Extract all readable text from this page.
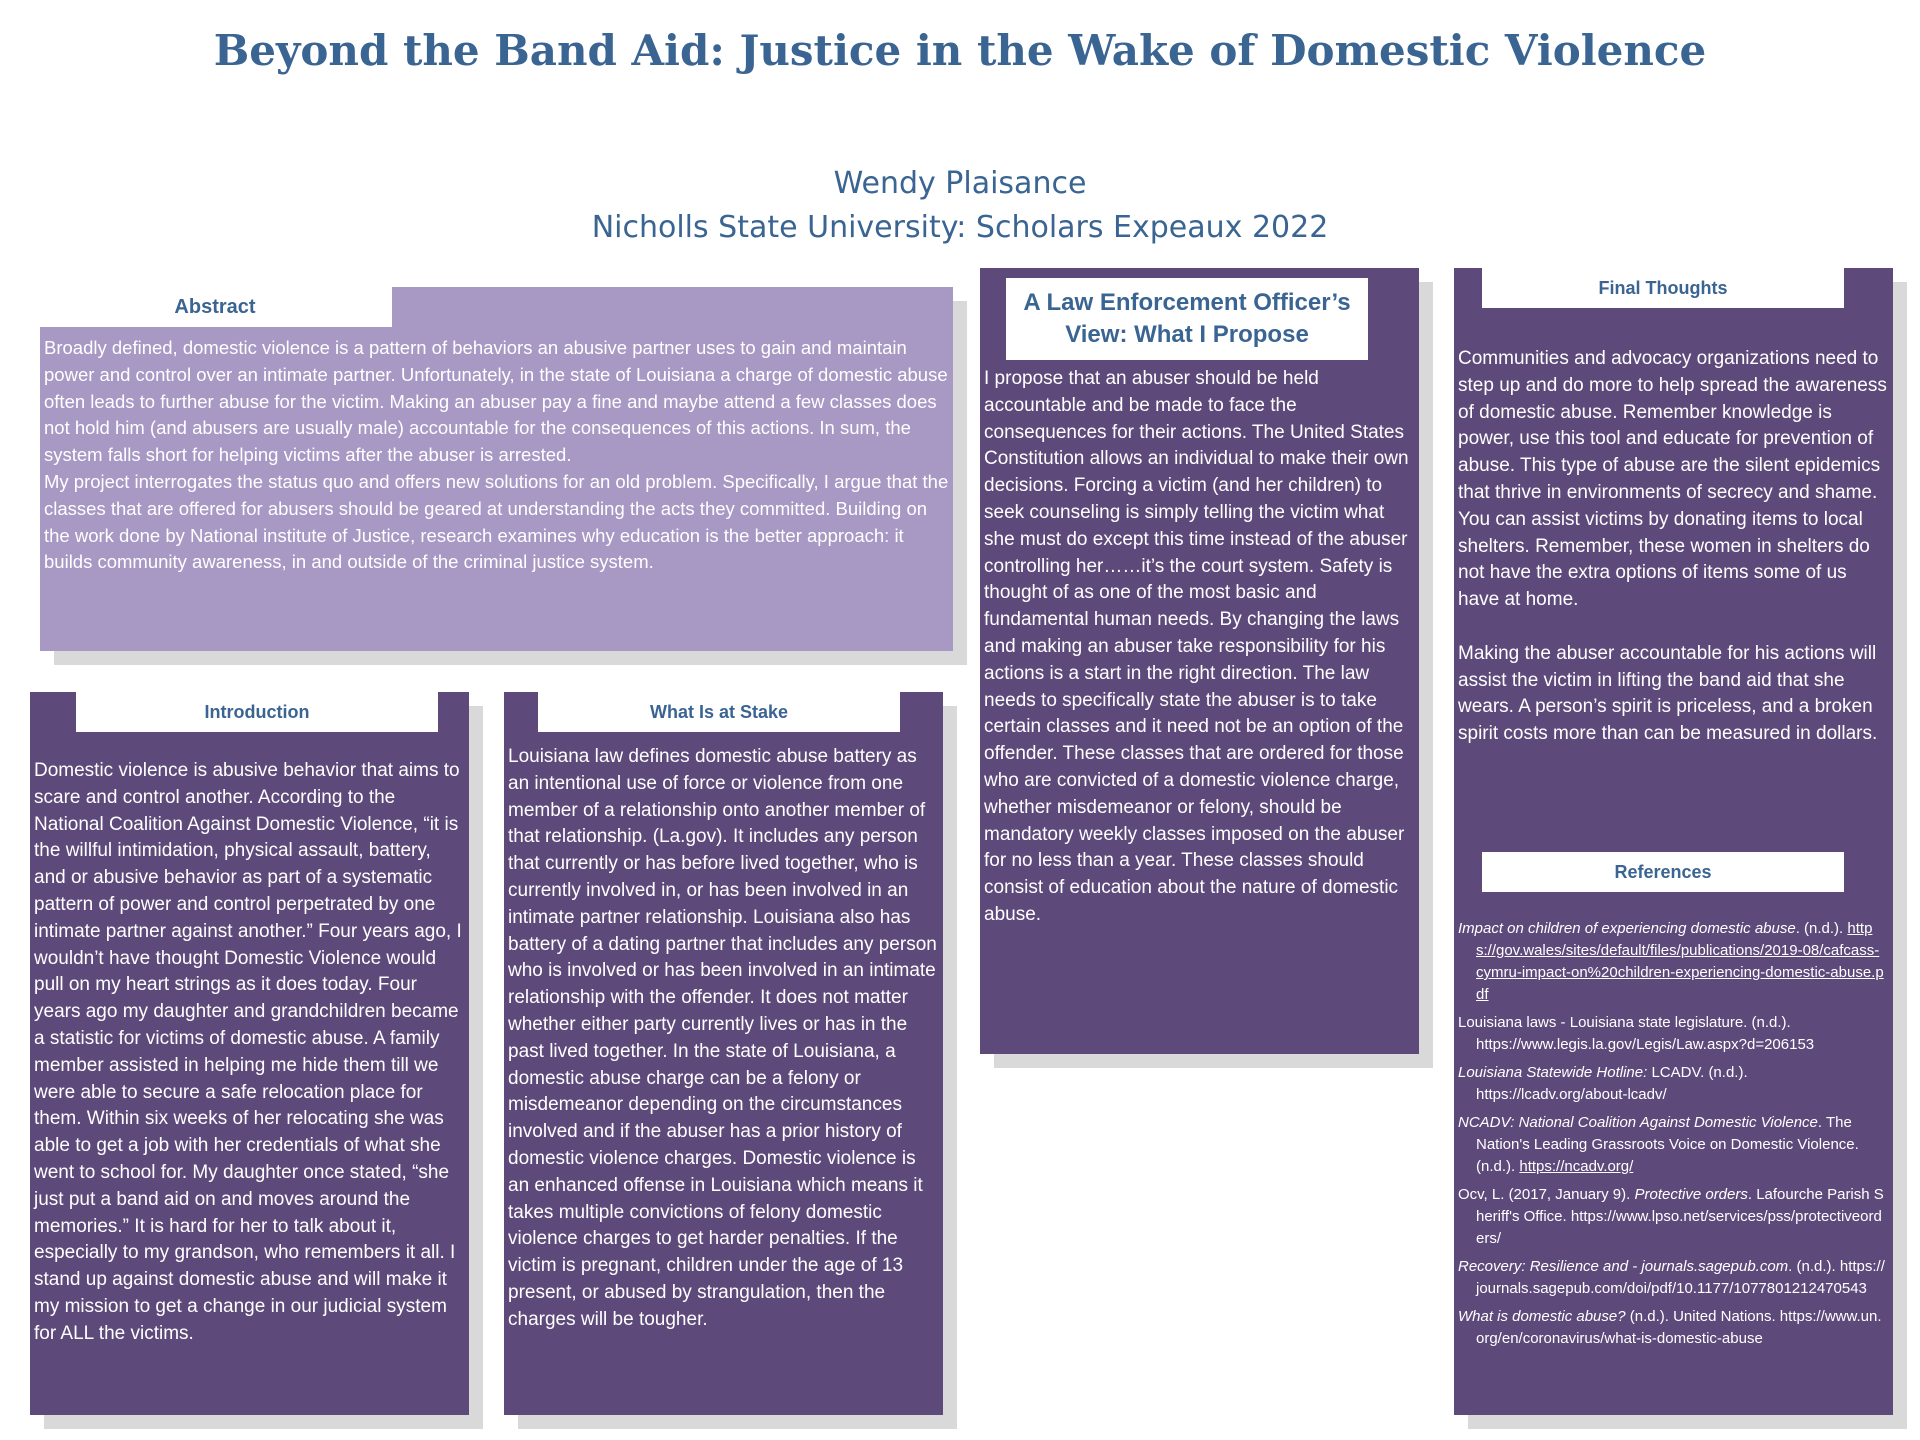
Beyond the Band Aid: Justice in the Wake of Domestic Violence
Wendy Plaisance
Nicholls State University: Scholars Expeaux 2022
Abstract
Broadly defined, domestic violence is a pattern of behaviors an abusive partner uses to gain and maintain power and control over an intimate partner. Unfortunately, in the state of Louisiana a charge of domestic abuse often leads to further abuse for the victim. Making an abuser pay a fine and maybe attend a few classes does not hold him (and abusers are usually male) accountable for the consequences of this actions. In sum, the system falls short for helping victims after the abuser is arrested.
My project interrogates the status quo and offers new solutions for an old problem. Specifically, I argue that the classes that are offered for abusers should be geared at understanding the acts they committed. Building on the work done by National institute of Justice, research examines why education is the better approach: it builds community awareness, in and outside of the criminal justice system.
Introduction
Domestic violence is abusive behavior that aims to scare and control another. According to the National Coalition Against Domestic Violence, “it is the willful intimidation, physical assault, battery, and or abusive behavior as part of a systematic pattern of power and control perpetrated by one intimate partner against another.” Four years ago, I wouldn’t have thought Domestic Violence would pull on my heart strings as it does today. Four years ago my daughter and grandchildren became a statistic for victims of domestic abuse. A family member assisted in helping me hide them till we were able to secure a safe relocation place for them. Within six weeks of her relocating she was able to get a job with her credentials of what she went to school for. My daughter once stated, “she just put a band aid on and moves around the memories.” It is hard for her to talk about it, especially to my grandson, who remembers it all. I stand up against domestic abuse and will make it my mission to get a change in our judicial system for ALL the victims.
What Is at Stake
Louisiana law defines domestic abuse battery as an intentional use of force or violence from one member of a relationship onto another member of that relationship. (La.gov). It includes any person that currently or has before lived together, who is currently involved in, or has been involved in an intimate partner relationship. Louisiana also has battery of a dating partner that includes any person who is involved or has been involved in an intimate relationship with the offender. It does not matter whether either party currently lives or has in the past lived together. In the state of Louisiana, a domestic abuse charge can be a felony or misdemeanor depending on the circumstances involved and if the abuser has a prior history of domestic violence charges. Domestic violence is an enhanced offense in Louisiana which means it takes multiple convictions of felony domestic violence charges to get harder penalties. If the victim is pregnant, children under the age of 13 present, or abused by strangulation, then the charges will be tougher.
A Law Enforcement Officer’s View: What I Propose
I propose that an abuser should be held accountable and be made to face the consequences for their actions. The United States Constitution allows an individual to make their own decisions. Forcing a victim (and her children) to seek counseling is simply telling the victim what she must do except this time instead of the abuser controlling her……it’s the court system. Safety is thought of as one of the most basic and fundamental human needs. By changing the laws and making an abuser take responsibility for his actions is a start in the right direction. The law needs to specifically state the abuser is to take certain classes and it need not be an option of the offender. These classes that are ordered for those who are convicted of a domestic violence charge, whether misdemeanor or felony, should be mandatory weekly classes imposed on the abuser for no less than a year. These classes should consist of education about the nature of domestic abuse.
Final Thoughts
Communities and advocacy organizations need to step up and do more to help spread the awareness of domestic abuse. Remember knowledge is power, use this tool and educate for prevention of abuse. This type of abuse are the silent epidemics that thrive in environments of secrecy and shame.
You can assist victims by donating items to local shelters. Remember, these women in shelters do not have the extra options of items some of us have at home.

Making the abuser accountable for his actions will assist the victim in lifting the band aid that she wears. A person’s spirit is priceless, and a broken spirit costs more than can be measured in dollars.
References

Impact on children of experiencing domestic abuse. (n.d.). https://gov.wales/sites/default/files/publications/2019-08/cafcass-cymru-impact-on%20children-experiencing-domestic-abuse.pdf

Louisiana laws - Louisiana state legislature. (n.d.). https://www.legis.la.gov/Legis/Law.aspx?d=206153

Louisiana Statewide Hotline: LCADV. (n.d.).
https://lcadv.org/about-lcadv/

NCADV: National Coalition Against Domestic Violence. The Nation's Leading Grassroots Voice on Domestic Violence. (n.d.). https://ncadv.org/

Ocv, L. (2017, January 9). Protective orders. Lafourche Parish Sheriff's Office. https://www.lpso.net/services/pss/protectiveorders/

Recovery: Resilience and - journals.sagepub.com. (n.d.). https://journals.sagepub.com/doi/pdf/10.1177/1077801212470543

What is domestic abuse? (n.d.). United Nations. https://www.un.org/en/coronavirus/what-is-domestic-abuse
